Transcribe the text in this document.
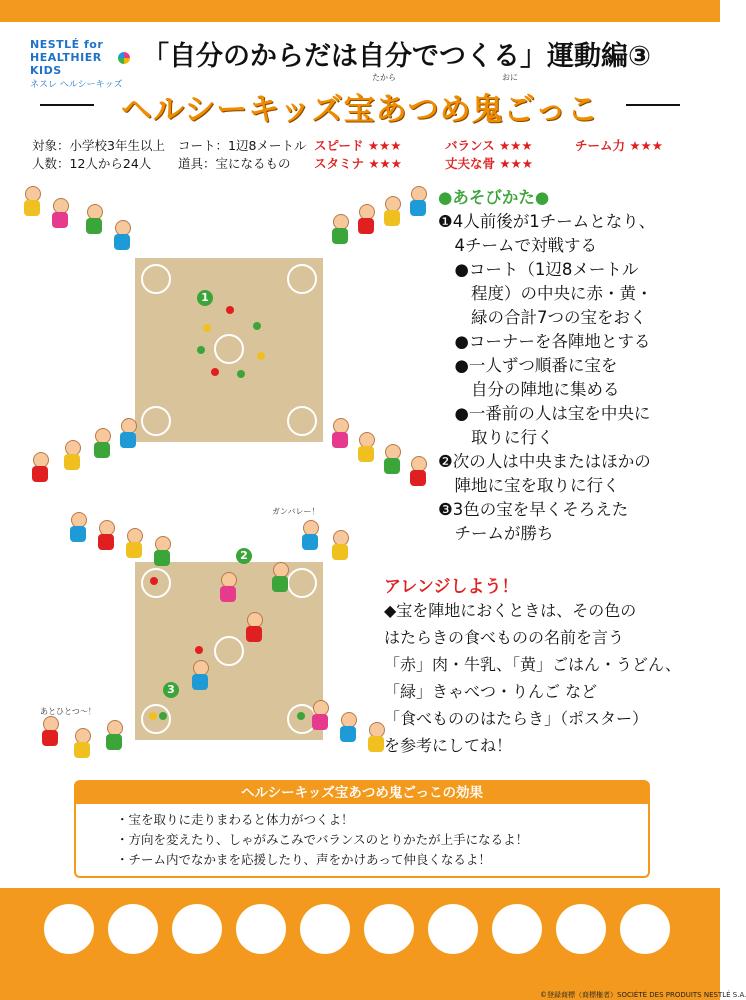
NESTLÉ for
HEALTHIER KIDS
ネスレ ヘルシーキッズ
「自分のからだは自分でつくる」運動編③
たから	おに
ヘルシーキッズ宝あつめ鬼ごっこ
対象：小学校3年生以上
人数：12人から24人
コート：1辺8メートル
道具：宝になるもの
スピード ★★★	バランス ★★★	チーム力 ★★★
スタミナ ★★★	丈夫な骨 ★★★
1
2
3
ガンバレー！
あとひとつ〜！
●あそびかた●
❶4人前後が1チームとなり、
　4チームで対戦する
　●コート（1辺8メートル
　　程度）の中央に赤・黄・
　　緑の合計7つの宝をおく
　●コーナーを各陣地とする
　●一人ずつ順番に宝を
　　自分の陣地に集める
　●一番前の人は宝を中央に
　　取りに行く
❷次の人は中央またはほかの
　陣地に宝を取りに行く
❸3色の宝を早くそろえた
　チームが勝ち
アレンジしよう！
◆宝を陣地におくときは、その色の
はたらきの食べものの名前を言う
「赤」肉・牛乳、「黄」ごはん・うどん、
「緑」きゃべつ・りんご など
「食べもののはたらき」（ポスター）
を参考にしてね！
ヘルシーキッズ宝あつめ鬼ごっこの効果
・宝を取りに走りまわると体力がつくよ！
・方向を変えたり、しゃがみこみでバランスのとりかたが上手になるよ！
・チーム内でなかまを応援したり、声をかけあって仲良くなるよ！
©登録商標（商標権者）SOCIÉTÉ DES PRODUITS NESTLÉ S.A.
